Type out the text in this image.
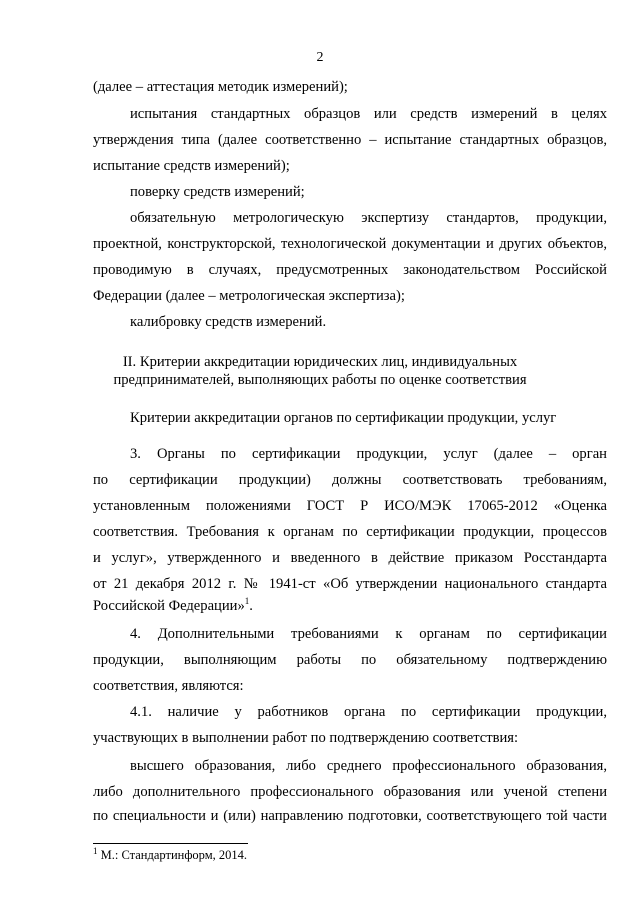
2
(далее – аттестация методик измерений);
испытания стандартных образцов или средств измерений в целях
утверждения типа (далее соответственно – испытание стандартных образцов,
испытание средств измерений);
поверку средств измерений;
обязательную метрологическую экспертизу стандартов, продукции,
проектной, конструкторской, технологической документации и других объектов,
проводимую в случаях, предусмотренных законодательством Российской
Федерации (далее – метрологическая экспертиза);
калибровку средств измерений.
II. Критерии аккредитации юридических лиц, индивидуальных
предпринимателей, выполняющих работы по оценке соответствия
Критерии аккредитации органов по сертификации продукции, услуг
3. Органы по сертификации продукции, услуг (далее – орган
по сертификации продукции) должны соответствовать требованиям,
установленным положениями ГОСТ Р ИСО/МЭК 17065-2012 «Оценка
соответствия. Требования к органам по сертификации продукции, процессов
и услуг», утвержденного и введенного в действие приказом Росстандарта
от 21 декабря 2012 г. № 1941-ст «Об утверждении национального стандарта
Российской Федерации»$^1$.
4. Дополнительными требованиями к органам по сертификации
продукции, выполняющим работы по обязательному подтверждению
соответствия, являются:
4.1. наличие у работников органа по сертификации продукции,
участвующих в выполнении работ по подтверждению соответствия:
высшего образования, либо среднего профессионального образования,
либо дополнительного профессионального образования или ученой степени
по специальности и (или) направлению подготовки, соответствующего той части
$^1$ М.: Стандартинформ, 2014.
